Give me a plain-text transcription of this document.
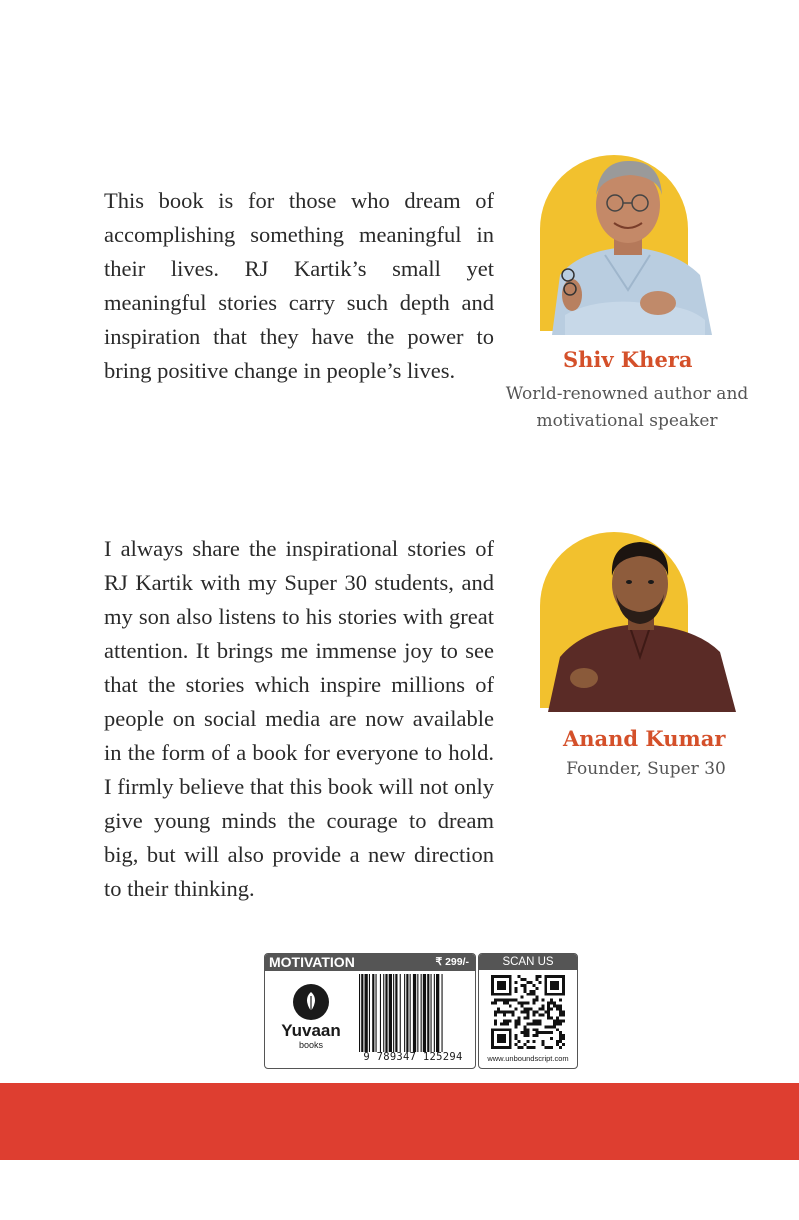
This book is for those who dream of accomplishing something meaningful in their lives. RJ Kartik’s small yet meaningful stories carry such depth and inspiration that they have the power to bring positive change in people’s lives.	Shiv Khera
World-renowned author and motivational speaker

I always share the inspirational stories of RJ Kartik with my Super 30 students, and my son also listens to his stories with great attention. It brings me immense joy to see that the stories which inspire millions of people on social media are now available in the form of a book for everyone to hold. I firmly believe that this book will not only give young minds the courage to dream big, but will also provide a new direction to their thinking.

Anand Kumar
Founder, Super 30
MOTIVATION	₹ 299/-
Yuvaan
books
9 789347 125294
SCAN US
www.unboundscript.com
